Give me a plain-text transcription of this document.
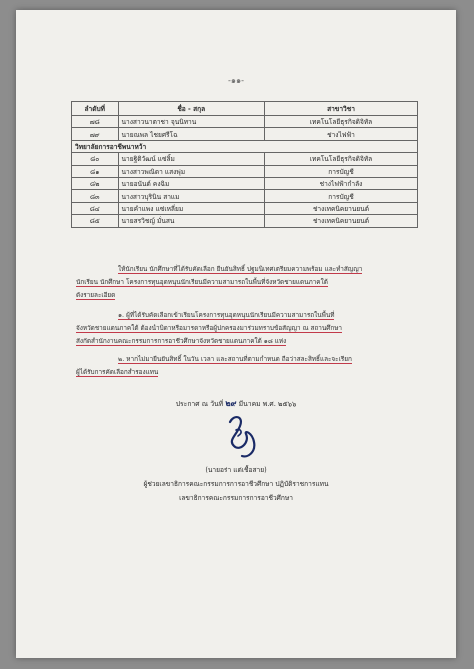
-๑๑-
ลำดับที่	ชื่อ - สกุล	สาขาวิชา
๗๘	นางสาวนาตาชา จุนนิทาน	เทคโนโลยีธุรกิจดิจิทัล
๗๙	นายณพล ไชยศรีโฉ	ช่างไฟฟ้า
วิทยาลัยการอาชีพนาหว้า		
๘๐	นายฐิติวัฒน์ แซ่ลิ้ม	เทคโนโลยีธุรกิจดิจิทัล
๘๑	นางสาวพณิดา แสงพุ่ม	การบัญชี
๘๒	นายอนันต์ คงฉิม	ช่างไฟฟ้ากำลัง
๘๓	นางสาวบุรินิน สาแม	การบัญชี
๘๔	นายคำแพง แซ่เหลี่ยม	ช่างเทคนิคยานยนต์
๘๕	นายสรวิชญ์ มั่นสน	ช่างเทคนิคยานยนต์
ให้นักเรียน นักศึกษาที่ได้รับคัดเลือก ยืนยันสิทธิ์ ปฐมนิเทศเตรียมความพร้อม และทำสัญญา
นักเรียน นักศึกษา โครงการทุนอุดหนุนนักเรียนมีความสามารถในพื้นที่จังหวัดชายแดนภาคใต้
ดังรายละเอียด
๑. ผู้ที่ได้รับคัดเลือกเข้าเรียนโครงการทุนอุดหนุนนักเรียนมีความสามารถในพื้นที่
จังหวัดชายแดนภาคใต้ ต้องนำบิดาหรือมารดาหรือผู้ปกครองมาร่วมทราบข้อสัญญา ณ สถานศึกษา
สังกัดสำนักงานคณะกรรมการการอาชีวศึกษาจังหวัดชายแดนภาคใต้ ๑๘ แห่ง
๒. หากไม่มายืนยันสิทธิ์ ในวัน เวลา และสถานที่ตามกำหนด ถือว่าสละสิทธิ์และจะเรียก
ผู้ได้รับการคัดเลือกสำรองแทน
ประกาศ ณ วันที่ ๒๙ มีนาคม พ.ศ. ๒๕๖๖
(นายอร่า แต่เชื้อสาย)
ผู้ช่วยเลขาธิการคณะกรรมการการอาชีวศึกษา ปฏิบัติราชการแทน
เลขาธิการคณะกรรมการการอาชีวศึกษา
